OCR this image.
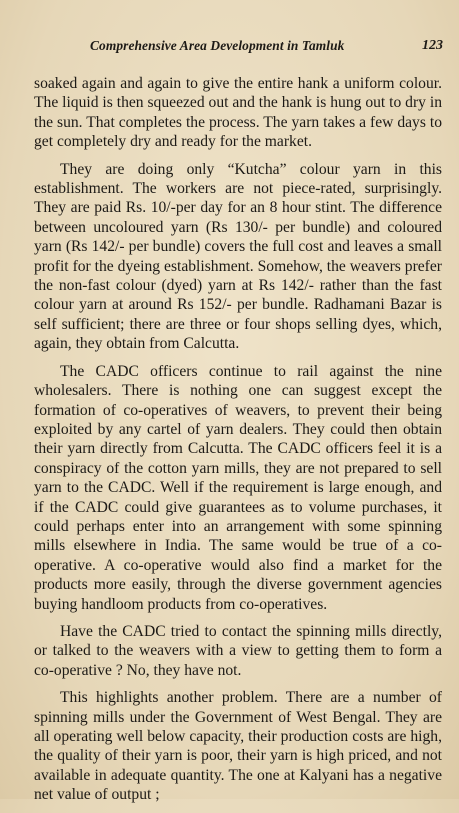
Comprehensive Area Development in Tamluk	123

soaked again and again to give the entire hank a uniform colour. The liquid is then squeezed out and the hank is hung out to dry in the sun. That completes the process. The yarn takes a few days to get completely dry and ready for the market.

They are doing only “Kutcha” colour yarn in this establishment. The workers are not piece-rated, surprisingly. They are paid Rs. 10/-per day for an 8 hour stint. The difference between uncoloured yarn (Rs 130/- per bundle) and coloured yarn (Rs 142/- per bundle) covers the full cost and leaves a small profit for the dyeing establishment. Somehow, the weavers prefer the non-fast colour (dyed) yarn at Rs 142/- rather than the fast colour yarn at around Rs 152/- per bundle. Radhamani Bazar is self sufficient; there are three or four shops selling dyes, which, again, they obtain from Calcutta.

The CADC officers continue to rail against the nine wholesalers. There is nothing one can suggest except the formation of co-operatives of weavers, to prevent their being exploited by any cartel of yarn dealers. They could then obtain their yarn directly from Calcutta. The CADC officers feel it is a conspiracy of the cotton yarn mills, they are not prepared to sell yarn to the CADC. Well if the requirement is large enough, and if the CADC could give guarantees as to volume purchases, it could perhaps enter into an arrangement with some spinning mills elsewhere in India. The same would be true of a co-operative. A co-operative would also find a market for the products more easily, through the diverse government agencies buying handloom products from co-operatives.

Have the CADC tried to contact the spinning mills directly, or talked to the weavers with a view to getting them to form a co-operative ? No, they have not.

This highlights another problem. There are a number of spinning mills under the Government of West Bengal. They are all operating well below capacity, their production costs are high, the quality of their yarn is poor, their yarn is high priced, and not available in adequate quantity. The one at Kalyani has a negative net value of output ;
